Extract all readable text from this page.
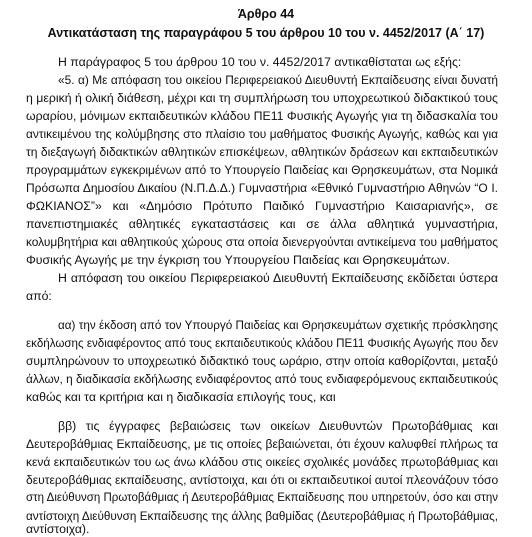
Άρθρο 44
Αντικατάσταση της παραγράφου 5 του άρθρου 10 του ν. 4452/2017 (Α΄ 17)
Η παράγραφος 5 του άρθρου 10 του ν. 4452/2017 αντικαθίσταται ως εξής:
«5. α) Με απόφαση του οικείου Περιφερειακού Διευθυντή Εκπαίδευσης είναι δυνατή
η μερική ή ολική διάθεση, μέχρι και τη συμπλήρωση του υποχρεωτικού διδακτικού τους
ωραρίου, μόνιμων εκπαιδευτικών κλάδου ΠΕ11 Φυσικής Αγωγής για τη διδασκαλία του
αντικειμένου της κολύμβησης στο πλαίσιο του μαθήματος Φυσικής Αγωγής, καθώς και για
τη διεξαγωγή διδακτικών αθλητικών επισκέψεων, αθλητικών δράσεων και εκπαιδευτικών
προγραμμάτων εγκεκριμένων από το Υπουργείο Παιδείας και Θρησκευμάτων, στα Νομικά
Πρόσωπα Δημοσίου Δικαίου (Ν.Π.Δ.Δ.) Γυμναστήρια «Εθνικό Γυμναστήριο Αθηνών “Ο Ι.
ΦΩΚΙΑΝΟΣ”» και «Δημόσιο Πρότυπο Παιδικό Γυμναστήριο Καισαριανής», σε
πανεπιστημιακές αθλητικές εγκαταστάσεις και σε άλλα αθλητικά γυμναστήρια,
κολυμβητήρια και αθλητικούς χώρους στα οποία διενεργούνται αντικείμενα του μαθήματος
Φυσικής Αγωγής με την έγκριση του Υπουργείου Παιδείας και Θρησκευμάτων.
Η απόφαση του οικείου Περιφερειακού Διευθυντή Εκπαίδευσης εκδίδεται ύστερα
από:
αα) την έκδοση από τον Υπουργό Παιδείας και Θρησκευμάτων σχετικής πρόσκλησης
εκδήλωσης ενδιαφέροντος από τους εκπαιδευτικούς κλάδου ΠΕ11 Φυσικής Αγωγής που δεν
συμπληρώνουν το υποχρεωτικό διδακτικό τους ωράριο, στην οποία καθορίζονται, μεταξύ
άλλων, η διαδικασία εκδήλωσης ενδιαφέροντος από τους ενδιαφερόμενους εκπαιδευτικούς
καθώς και τα κριτήρια και η διαδικασία επιλογής τους, και
ββ) τις έγγραφες βεβαιώσεις των οικείων Διευθυντών Πρωτοβάθμιας και
Δευτεροβάθμιας Εκπαίδευσης, με τις οποίες βεβαιώνεται, ότι έχουν καλυφθεί πλήρως τα
κενά εκπαιδευτικών του ως άνω κλάδου στις οικείες σχολικές μονάδες πρωτοβάθμιας και
δευτεροβάθμιας εκπαίδευσης, αντίστοιχα, και ότι οι εκπαιδευτικοί αυτοί πλεονάζουν τόσο
στη Διεύθυνση Πρωτοβάθμιας ή Δευτεροβάθμιας Εκπαίδευσης που υπηρετούν, όσο και στην
αντίστοιχη Διεύθυνση Εκπαίδευσης της άλλης βαθμίδας (Δευτεροβάθμιας ή Πρωτοβάθμιας,
αντίστοιχα).
